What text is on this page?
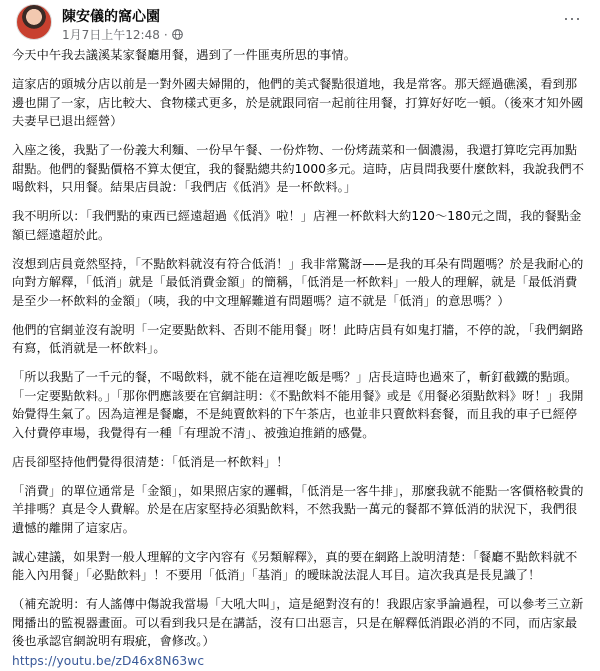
陳安儀的窩心園
1月7日上午12:48 ·
···

今天中午我去議溪某家餐廳用餐，遇到了一件匪夷所思的事情。

這家店的頭城分店以前是一對外國夫婦開的，他們的美式餐點很道地，我是常客。那天經過礁溪，看到那邊也開了一家，店比較大、食物樣式更多，於是就跟同宿一起前往用餐，打算好好吃一頓。（後來才知外國夫妻早已退出經營）

入座之後，我點了一份義大利麵、一份早午餐、一份炸物、一份烤蔬菜和一個濃湯，我還打算吃完再加點甜點。他們的餐點價格不算太便宜，我的餐點總共約1000多元。這時，店員問我要什麼飲料，我說我們不喝飲料，只用餐。結果店員說：「我們店《低消》是一杯飲料。」

我不明所以：「我們點的東西已經遠超過《低消》啦！」店裡一杯飲料大約120～180元之間，我的餐點金額已經遠超於此。

沒想到店員竟然堅持，「不點飲料就沒有符合低消！」我非常驚訝——是我的耳朵有問題嗎？於是我耐心的向對方解釋，「低消」就是「最低消費金額」的簡稱，「低消是一杯飲料」一般人的理解，就是「最低消費是至少一杯飲料的金額」（咦，我的中文理解難道有問題嗎？這不就是「低消」的意思嗎？）

他們的官網並沒有說明「一定要點飲料、否則不能用餐」呀！此時店員有如鬼打牆，不停的說，「我們網路有寫，低消就是一杯飲料」。

「所以我點了一千元的餐，不喝飲料，就不能在這裡吃飯是嗎？」店長這時也過來了，斬釘截鐵的點頭。「一定要點飲料。」「那你們應該要在官網註明：《不點飲料不能用餐》或是《用餐必須點飲料》呀！」我開始覺得生氣了。因為這裡是餐廳，不是純賣飲料的下午茶店，也並非只賣飲料套餐，而且我的車子已經停入付費停車場，我覺得有一種「有理說不清」、被強迫推銷的感覺。

店長卻堅持他們覺得很清楚：「低消是一杯飲料」！

「消費」的單位通常是「金額」，如果照店家的邏輯，「低消是一客牛排」，那麼我就不能點一客價格較貴的羊排嗎？真是令人費解。於是在店家堅持必須點飲料，不然我點一萬元的餐都不算低消的狀況下，我們很遺憾的離開了這家店。

誠心建議，如果對一般人理解的文字內容有《另類解釋》，真的要在網路上說明清楚：「餐廳不點飲料就不能入內用餐」「必點飲料」！不要用「低消」「基消」的曖昧說法混人耳目。這次我真是長見識了！

（補充說明：有人謠傳中傷說我當場「大吼大叫」，這是絕對沒有的！我跟店家爭論過程，可以參考三立新聞播出的監視器畫面。可以看到我只是在講話，沒有口出惡言，只是在解釋低消跟必消的不同，而店家最後也承認官網說明有瑕疵，會修改。）

https://youtu.be/zD46x8N63wc
